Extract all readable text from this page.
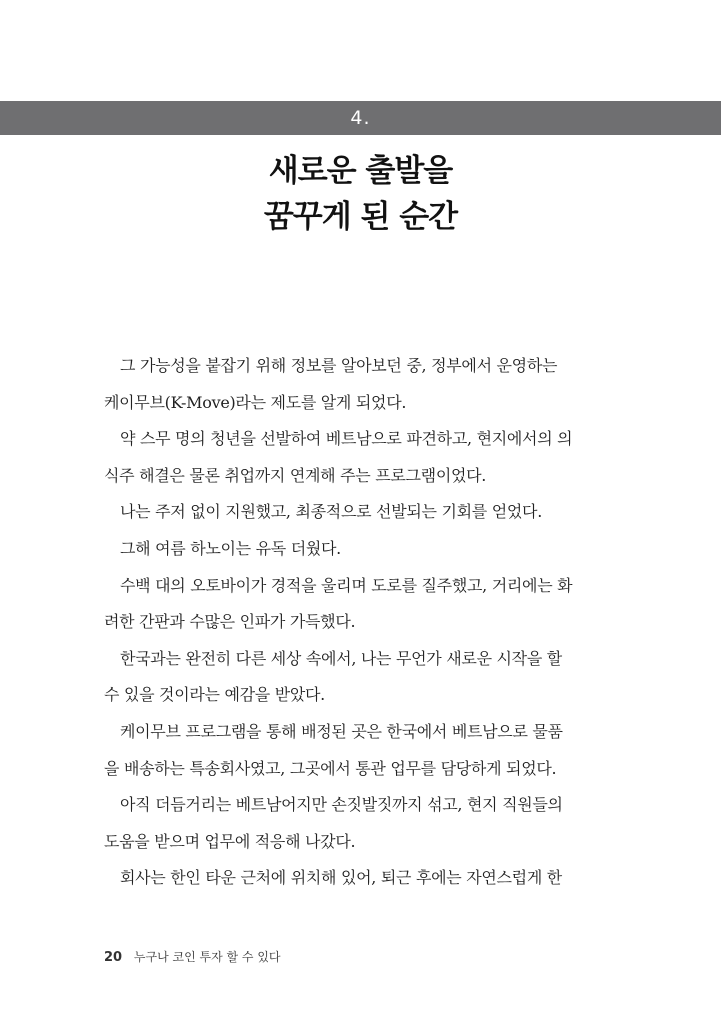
4.
새로운 출발을
꿈꾸게 된 순간
그 가능성을 붙잡기 위해 정보를 알아보던 중, 정부에서 운영하는
케이무브(K-Move)라는 제도를 알게 되었다.
약 스무 명의 청년을 선발하여 베트남으로 파견하고, 현지에서의 의
식주 해결은 물론 취업까지 연계해 주는 프로그램이었다.
나는 주저 없이 지원했고, 최종적으로 선발되는 기회를 얻었다.
그해 여름 하노이는 유독 더웠다.
수백 대의 오토바이가 경적을 울리며 도로를 질주했고, 거리에는 화
려한 간판과 수많은 인파가 가득했다.
한국과는 완전히 다른 세상 속에서, 나는 무언가 새로운 시작을 할
수 있을 것이라는 예감을 받았다.
케이무브 프로그램을 통해 배정된 곳은 한국에서 베트남으로 물품
을 배송하는 특송회사였고, 그곳에서 통관 업무를 담당하게 되었다.
아직 더듬거리는 베트남어지만 손짓발짓까지 섞고, 현지 직원들의
도움을 받으며 업무에 적응해 나갔다.
회사는 한인 타운 근처에 위치해 있어, 퇴근 후에는 자연스럽게 한
20 누구나 코인 투자 할 수 있다
